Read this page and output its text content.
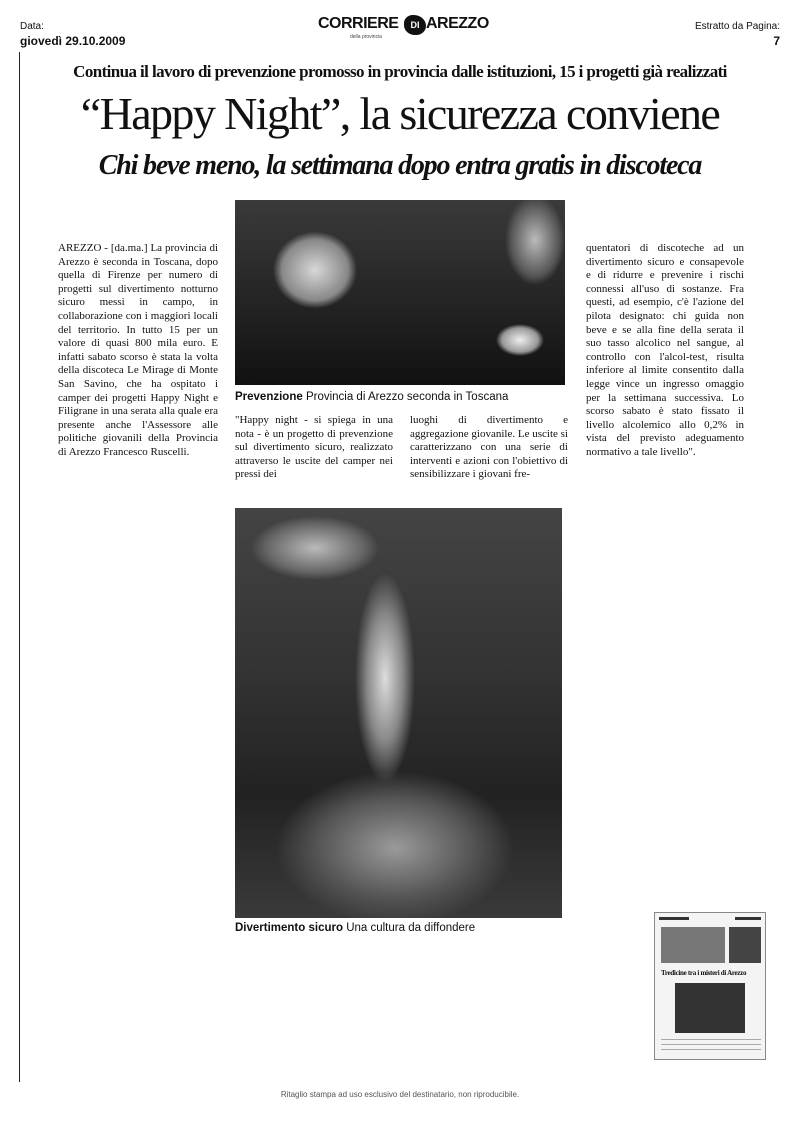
Data:
giovedì 29.10.2009
CORRIERE	DI AREZZO
della provincia
Estratto da Pagina:
7
Continua il lavoro di prevenzione promosso in provincia dalle istituzioni, 15 i progetti già realizzati
“Happy Night”, la sicurezza conviene
Chi beve meno, la settimana dopo entra gratis in discoteca
Prevenzione Provincia di Arezzo seconda in Toscana
AREZZO - [da.ma.] La provincia di Arezzo è seconda in Toscana, dopo quella di Firenze per numero di progetti sul divertimento notturno sicuro messi in campo, in collaborazione con i maggiori locali del territorio. In tutto 15 per un valore di quasi 800 mila euro. E infatti sabato scorso è stata la volta della discoteca Le Mirage di Monte San Savino, che ha ospitato i camper dei progetti Happy Night e Filigrane in una serata alla quale era presente anche l'Assessore alle politiche giovanili della Provincia di Arezzo Francesco Ruscelli.
"Happy night - si spiega in una nota - è un progetto di prevenzione sul divertimento sicuro, realizzato attraverso le uscite del camper nei pressi dei
luoghi di divertimento e aggregazione giovanile. Le uscite si caratterizzano con una serie di interventi e azioni con l'obiettivo di sensibilizzare i giovani fre-
quentatori di discoteche ad un divertimento sicuro e consapevole e di ridurre e prevenire i rischi connessi all'uso di sostanze. Fra questi, ad esempio, c'è l'azione del pilota designato: chi guida non beve e se alla fine della serata il suo tasso alcolico nel sangue, al controllo con l'alcol-test, risulta inferiore al limite consentito dalla legge vince un ingresso omaggio per la settimana successiva. Lo scorso sabato è stato fissato il livello alcolemico allo 0,2% in vista del previsto adeguamento normativo a tale livello".
Divertimento sicuro Una cultura da diffondere
Tredicine tra i misteri di Arezzo
Ritaglio stampa ad uso esclusivo del destinatario, non riproducibile.
